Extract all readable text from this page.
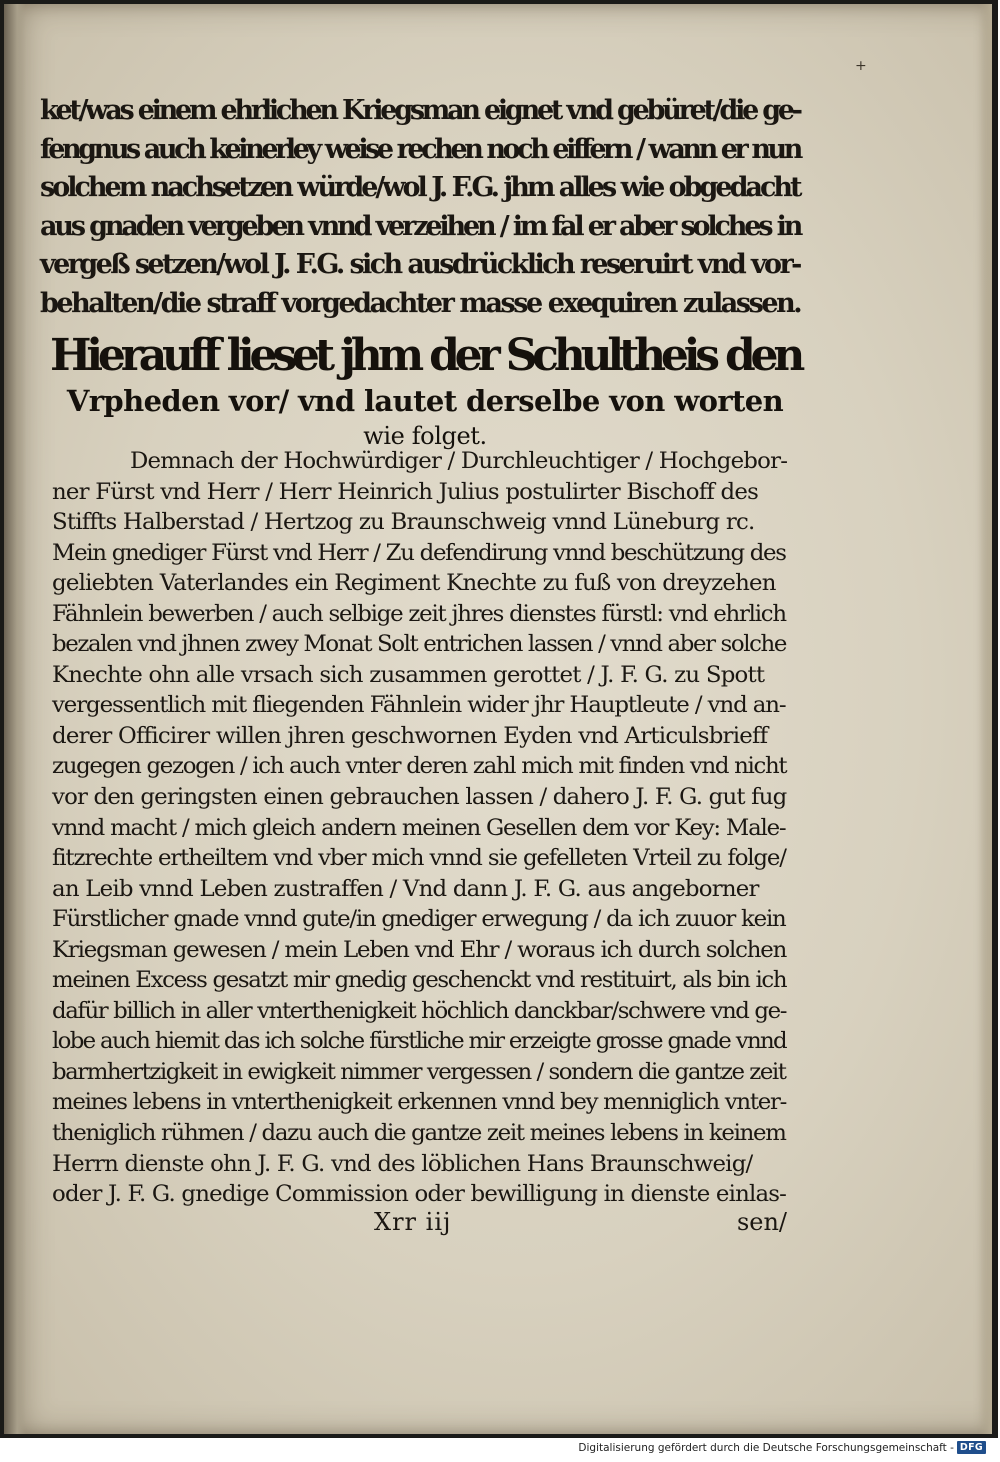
+
ket/was einem ehrlichen Kriegsman eignet vnd gebüret/die ge-
fengnus auch keinerley weise rechen noch eiffern / wann er nun
solchem nachsetzen würde/wol J. F.G. jhm alles wie obgedacht
aus gnaden vergeben vnnd verzeihen / im fal er aber solches in
vergeß setzen/wol J. F.G. sich ausdrücklich reseruirt vnd vor-
behalten/die straff vorgedachter masse exequiren zulassen.
Hierauff lieset jhm der Schultheis den
Vrpheden vor/ vnd lautet derselbe von worten
wie folget.
Demnach der Hochwürdiger / Durchleuchtiger / Hochgebor-
ner Fürst vnd Herr / Herr Heinrich Julius postulirter Bischoff des
Stiffts Halberstad / Hertzog zu Braunschweig vnnd Lüneburg rc.
Mein gnediger Fürst vnd Herr / Zu defendirung vnnd beschützung des
geliebten Vaterlandes ein Regiment Knechte zu fuß von dreyzehen
Fähnlein bewerben / auch selbige zeit jhres dienstes fürstl: vnd ehrlich
bezalen vnd jhnen zwey Monat Solt entrichen lassen / vnnd aber solche
Knechte ohn alle vrsach sich zusammen gerottet / J. F. G. zu Spott
vergessentlich mit fliegenden Fähnlein wider jhr Hauptleute / vnd an-
derer Officirer willen jhren geschwornen Eyden vnd Articulsbrieff
zugegen gezogen / ich auch vnter deren zahl mich mit finden vnd nicht
vor den geringsten einen gebrauchen lassen / dahero J. F. G. gut fug
vnnd macht / mich gleich andern meinen Gesellen dem vor Key: Male-
fitzrechte ertheiltem vnd vber mich vnnd sie gefelleten Vrteil zu folge/
an Leib vnnd Leben zustraffen / Vnd dann J. F. G. aus angeborner
Fürstlicher gnade vnnd gute/in gnediger erwegung / da ich zuuor kein
Kriegsman gewesen / mein Leben vnd Ehr / woraus ich durch solchen
meinen Excess gesatzt mir gnedig geschenckt vnd restituirt, als bin ich
dafür billich in aller vnterthenigkeit höchlich danckbar/schwere vnd ge-
lobe auch hiemit das ich solche fürstliche mir erzeigte grosse gnade vnnd
barmhertzigkeit in ewigkeit nimmer vergessen / sondern die gantze zeit
meines lebens in vnterthenigkeit erkennen vnnd bey menniglich vnter-
theniglich rühmen / dazu auch die gantze zeit meines lebens in keinem
Herrn dienste ohn J. F. G. vnd des löblichen Hans Braunschweig/
oder J. F. G. gnedige Commission oder bewilligung in dienste einlas-
Xrr iij	sen/
Digitalisierung gefördert durch die Deutsche Forschungsgemeinschaft - DFG
